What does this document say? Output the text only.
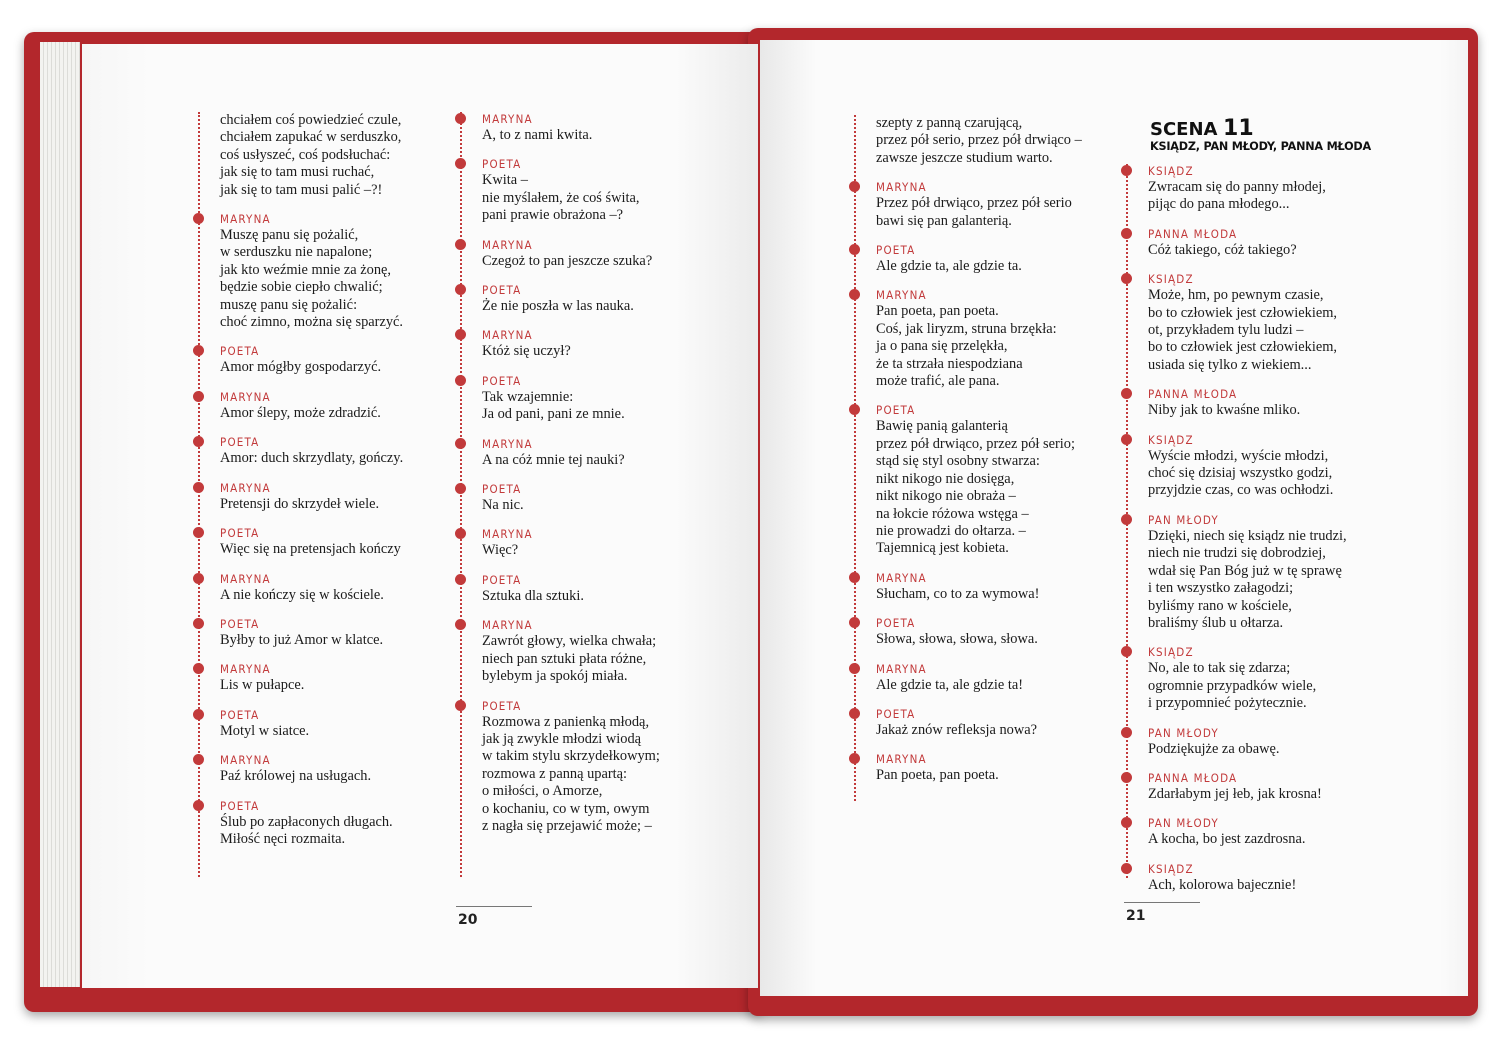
chciałem coś powiedzieć czule,
chciałem zapukać w serduszko,
coś usłyszeć, coś podsłuchać:
jak się to tam musi ruchać,
jak się to tam musi palić –?!
MARYNA
Muszę panu się pożalić,
w serduszku nie napalone;
jak kto weźmie mnie za żonę,
będzie sobie ciepło chwalić;
muszę panu się pożalić:
choć zimno, można się sparzyć.
POETA
Amor mógłby gospodarzyć.
MARYNA
Amor ślepy, może zdradzić.
POETA
Amor: duch skrzydlaty, gończy.
MARYNA
Pretensji do skrzydeł wiele.
POETA
Więc się na pretensjach kończy
MARYNA
A nie kończy się w kościele.
POETA
Byłby to już Amor w klatce.
MARYNA
Lis w pułapce.
POETA
Motyl w siatce.
MARYNA
Paź królowej na usługach.
POETA
Ślub po zapłaconych długach.
Miłość nęci rozmaita.
MARYNA
A, to z nami kwita.
POETA
Kwita –
nie myślałem, że coś świta,
pani prawie obrażona –?
MARYNA
Czegoż to pan jeszcze szuka?
POETA
Że nie poszła w las nauka.
MARYNA
Któż się uczył?
POETA
Tak wzajemnie:
Ja od pani, pani ze mnie.
MARYNA
A na cóż mnie tej nauki?
POETA
Na nic.
MARYNA
Więc?
POETA
Sztuka dla sztuki.
MARYNA
Zawrót głowy, wielka chwała;
niech pan sztuki płata różne,
bylebym ja spokój miała.
POETA
Rozmowa z panienką młodą,
jak ją zwykle młodzi wiodą
w takim stylu skrzydełkowym;
rozmowa z panną upartą:
o miłości, o Amorze,
o kochaniu, co w tym, owym
z nagła się przejawić może; –
szepty z panną czarującą,
przez pół serio, przez pół drwiąco –
zawsze jeszcze studium warto.
MARYNA
Przez pół drwiąco, przez pół serio
bawi się pan galanterią.
POETA
Ale gdzie ta, ale gdzie ta.
MARYNA
Pan poeta, pan poeta.
Coś, jak liryzm, struna brzękła:
ja o pana się przelękła,
że ta strzała niespodziana
może trafić, ale pana.
POETA
Bawię panią galanterią
przez pół drwiąco, przez pół serio;
stąd się styl osobny stwarza:
nikt nikogo nie dosięga,
nikt nikogo nie obraża –
na łokcie różowa wstęga –
nie prowadzi do ołtarza. –
Tajemnicą jest kobieta.
MARYNA
Słucham, co to za wymowa!
POETA
Słowa, słowa, słowa, słowa.
MARYNA
Ale gdzie ta, ale gdzie ta!
POETA
Jakaż znów refleksja nowa?
MARYNA
Pan poeta, pan poeta.
KSIĄDZ
Zwracam się do panny młodej,
pijąc do pana młodego...
PANNA MŁODA
Cóż takiego, cóż takiego?
KSIĄDZ
Może, hm, po pewnym czasie,
bo to człowiek jest człowiekiem,
ot, przykładem tylu ludzi –
bo to człowiek jest człowiekiem,
usiada się tylko z wiekiem...
PANNA MŁODA
Niby jak to kwaśne mliko.
KSIĄDZ
Wyście młodzi, wyście młodzi,
choć się dzisiaj wszystko godzi,
przyjdzie czas, co was ochłodzi.
PAN MŁODY
Dzięki, niech się ksiądz nie trudzi,
niech nie trudzi się dobrodziej,
wdał się Pan Bóg już w tę sprawę
i ten wszystko załagodzi;
byliśmy rano w kościele,
braliśmy ślub u ołtarza.
KSIĄDZ
No, ale to tak się zdarza;
ogromnie przypadków wiele,
i przypomnieć pożytecznie.
PAN MŁODY
Podziękujże za obawę.
PANNA MŁODA
Zdarłabym jej łeb, jak krosna!
PAN MŁODY
A kocha, bo jest zazdrosna.
KSIĄDZ
Ach, kolorowa bajecznie!
SCENA 11
KSIĄDZ, PAN MŁODY, PANNA MŁODA
20	21
